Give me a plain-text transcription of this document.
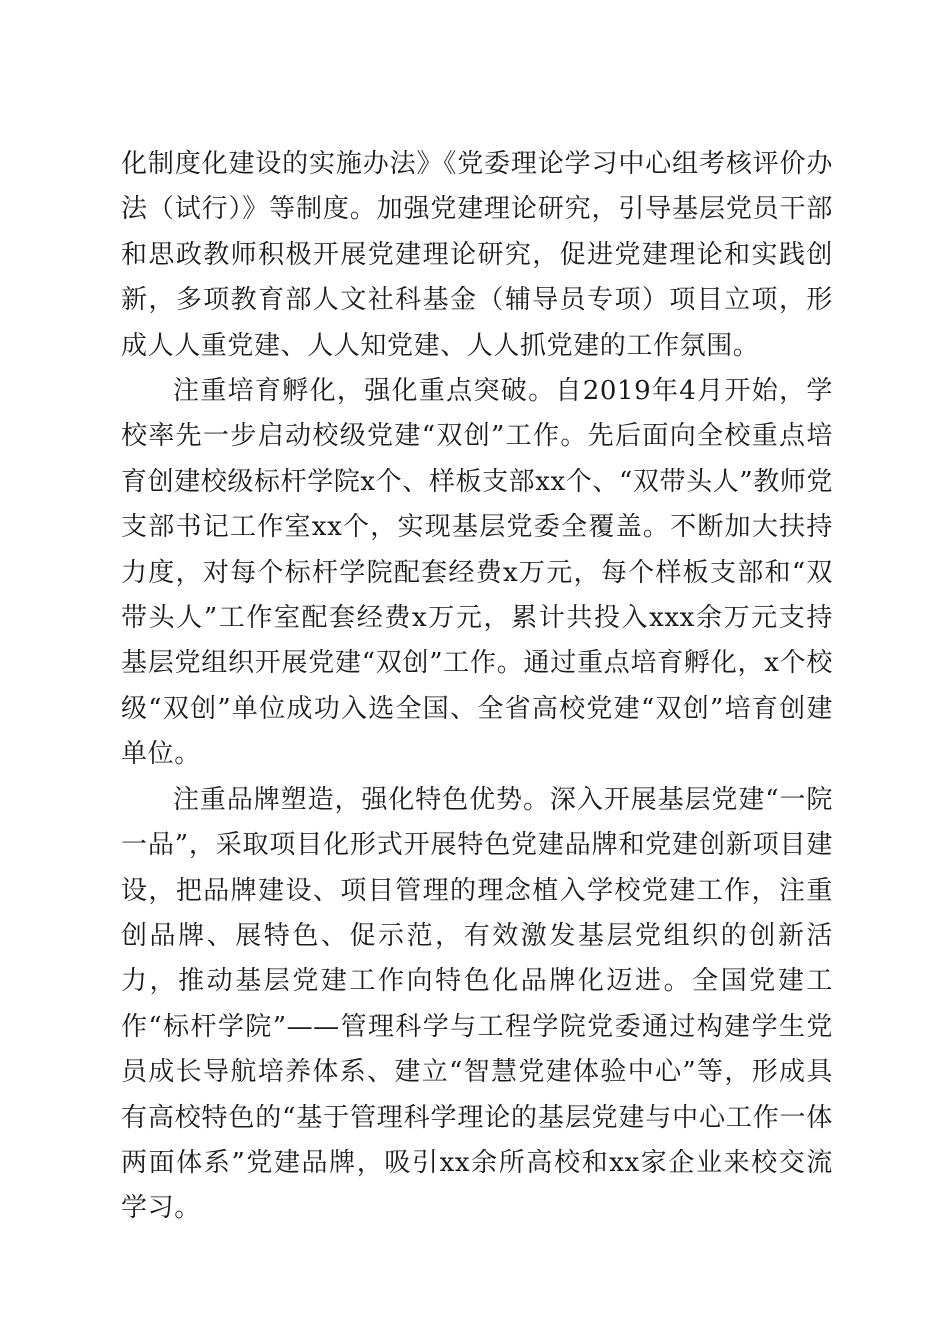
化制度化建设的实施办法》《党委理论学习中心组考核评价办法（试行）》等制度。加强党建理论研究，引导基层党员干部和思政教师积极开展党建理论研究，促进党建理论和实践创新，多项教育部人文社科基金（辅导员专项）项目立项，形成人人重党建、人人知党建、人人抓党建的工作氛围。

注重培育孵化，强化重点突破。自2019年4月开始，学校率先一步启动校级党建“双创”工作。先后面向全校重点培育创建校级标杆学院x个、样板支部xx个、“双带头人”教师党支部书记工作室xx个，实现基层党委全覆盖。不断加大扶持力度，对每个标杆学院配套经费x万元，每个样板支部和“双带头人”工作室配套经费x万元，累计共投入xxx余万元支持基层党组织开展党建“双创”工作。通过重点培育孵化，x个校级“双创”单位成功入选全国、全省高校党建“双创”培育创建单位。

注重品牌塑造，强化特色优势。深入开展基层党建“一院一品”，采取项目化形式开展特色党建品牌和党建创新项目建设，把品牌建设、项目管理的理念植入学校党建工作，注重创品牌、展特色、促示范，有效激发基层党组织的创新活力，推动基层党建工作向特色化品牌化迈进。全国党建工作“标杆学院”——管理科学与工程学院党委通过构建学生党员成长导航培养体系、建立“智慧党建体验中心”等，形成具有高校特色的“基于管理科学理论的基层党建与中心工作一体两面体系”党建品牌，吸引xx余所高校和xx家企业来校交流学习。
